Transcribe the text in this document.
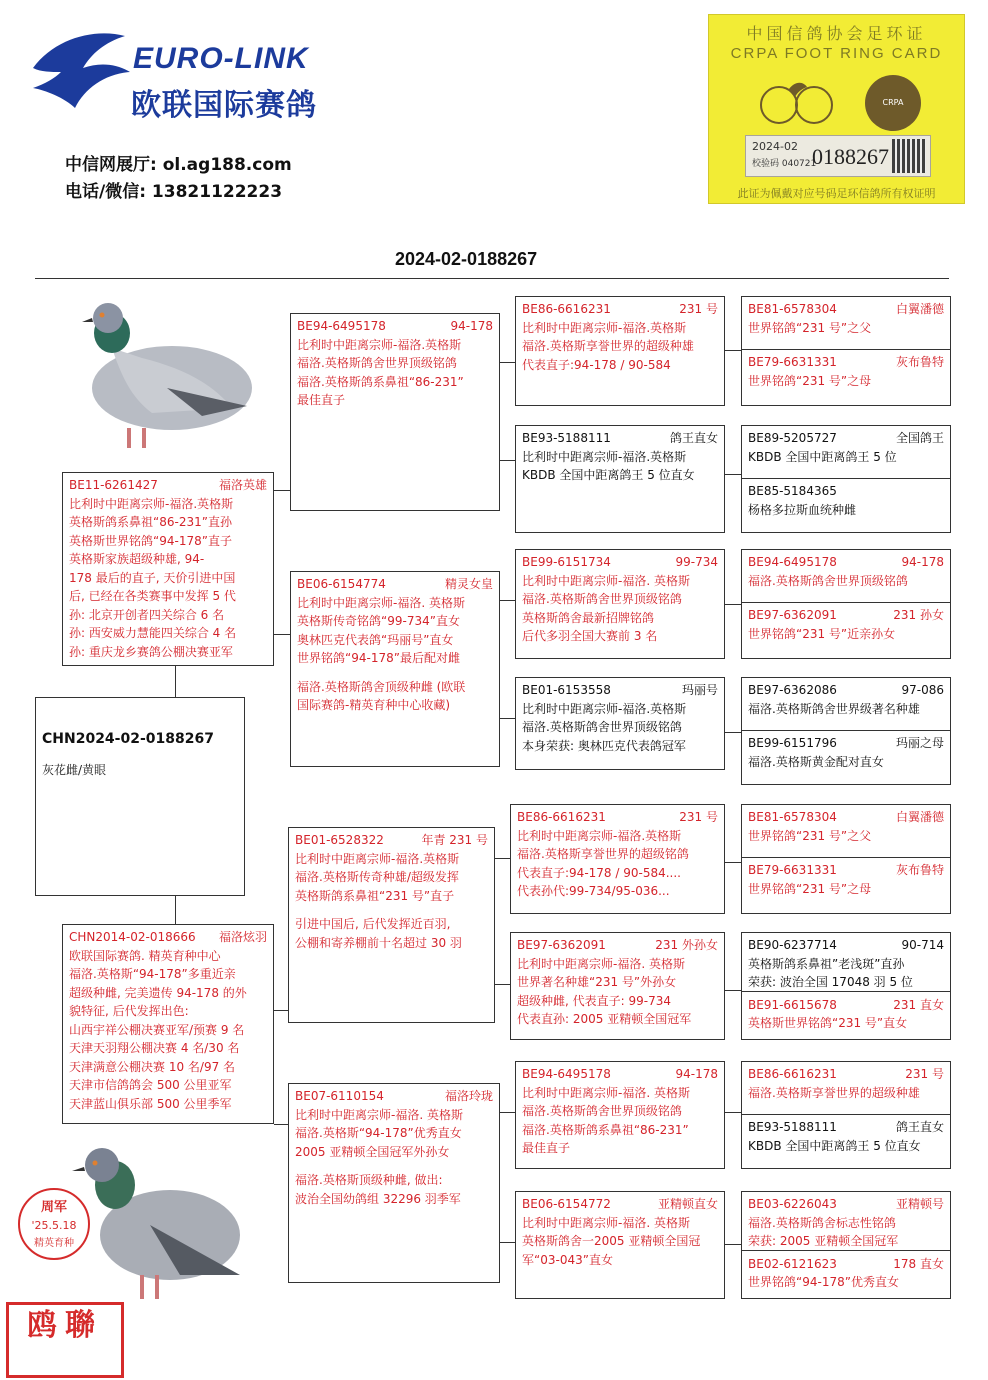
EURO-LINK
欧联国际赛鸽
中信网展厅: ol.ag188.com
电话/微信: 13821122223
中国信鸽协会足环证
CRPA FOOT RING CARD
CRPA
2024-02
校验码 040721
0188267
此证为佩戴对应号码足环信鸽所有权证明
2024-02-0188267
周军
'25.5.18
精英育种
鸥聯
CHN2024-02-0188267
灰花雌/黄眼
BE11-6261427	福洛英雄
比利时中距离宗师-福洛.英格斯
英格斯鸽系鼻祖“86-231”直孙
英格斯世界铭鸽“94-178”直子
英格斯家族超级种雄, 94-
178 最后的直子, 天价引进中国
后, 已经在各类赛事中发挥 5 代
孙: 北京开创者四关综合 6 名
孙: 西安威力慧能四关综合 4 名
孙: 重庆龙乡赛鸽公棚决赛亚军
CHN2014-02-018666 福洛炫羽
欧联国际赛鸽. 精英育种中心
福洛.英格斯“94-178”多重近亲
超级种雌, 完美遗传 94-178 的外
貌特征, 后代发挥出色:
山西宇祥公棚决赛亚军/预赛 9 名
天津天羽翔公棚决赛 4 名/30 名
天津满意公棚决赛 10 名/97 名
天津市信鸽鸽会 500 公里亚军
天津蓝山俱乐部 500 公里季军
BE94-6495178	94-178
比利时中距离宗师-福洛.英格斯
福洛.英格斯鸽舍世界顶级铭鸽
福洛.英格斯鸽系鼻祖“86-231”
最佳直子
BE06-6154774	精灵女皇
比利时中距离宗师-福洛. 英格斯
英格斯传奇铭鸽“99-734”直女
奥林匹克代表鸽“玛丽号”直女
世界铭鸽“94-178”最后配对雌
福洛.英格斯鸽舍顶级种雌 (欧联
国际赛鸽-精英育种中心收藏)
BE01-6528322	年青 231 号
比利时中距离宗师-福洛.英格斯
福洛.英格斯传奇种雄/超级发挥
英格斯鸽系鼻祖“231 号”直子
引进中国后, 后代发挥近百羽,
公棚和寄养棚前十名超过 30 羽
BE07-6110154	福洛玲珑
比利时中距离宗师-福洛. 英格斯
福洛.英格斯“94-178”优秀直女
2005 亚精顿全国冠军外孙女
福洛.英格斯顶级种雌, 做出:
波治全国幼鸽组 32296 羽季军
BE86-6616231	231 号
比利时中距离宗师-福洛.英格斯
福洛.英格斯享誉世界的超级种雄
代表直子:94-178 / 90-584
BE93-5188111	鸽王直女
比利时中距离宗师-福洛.英格斯
KBDB 全国中距离鸽王 5 位直女
BE99-6151734	99-734
比利时中距离宗师-福洛. 英格斯
福洛.英格斯鸽舍世界顶级铭鸽
英格斯鸽舍最新招牌铭鸽
后代多羽全国大赛前 3 名
BE01-6153558	玛丽号
比利时中距离宗师-福洛.英格斯
福洛.英格斯鸽舍世界顶级铭鸽
本身荣获: 奥林匹克代表鸽冠军
BE86-6616231	231 号
比利时中距离宗师-福洛.英格斯
福洛.英格斯享誉世界的超级铭鸽
代表直子:94-178 / 90-584....
代表孙代:99-734/95-036...
BE97-6362091	231 外孙女
比利时中距离宗师-福洛. 英格斯
世界著名种雄“231 号”外孙女
超级种雌, 代表直子: 99-734
代表直孙: 2005 亚精顿全国冠军
BE94-6495178	94-178
比利时中距离宗师-福洛. 英格斯
福洛.英格斯鸽舍世界顶级铭鸽
福洛.英格斯鸽系鼻祖“86-231”
最佳直子
BE06-6154772	亚精顿直女
比利时中距离宗师-福洛. 英格斯
英格斯鸽舍一2005 亚精顿全国冠
军“03-043”直女
BE81-6578304	白翼潘德
世界铭鸽“231 号”之父
BE79-6631331	灰布鲁特
世界铭鸽“231 号”之母
BE89-5205727	全国鸽王
KBDB 全国中距离鸽王 5 位
BE85-5184365
杨格多拉斯血统种雌
BE94-6495178	94-178
福洛.英格斯鸽舍世界顶级铭鸽
BE97-6362091	231 孙女
世界铭鸽“231 号”近亲孙女
BE97-6362086	97-086
福洛.英格斯鸽舍世界级著名种雄
BE99-6151796	玛丽之母
福洛.英格斯黄金配对直女
BE81-6578304	白翼潘德
世界铭鸽“231 号”之父
BE79-6631331	灰布鲁特
世界铭鸽“231 号”之母
BE90-6237714	90-714
英格斯鸽系鼻祖”老浅斑”直孙
荣获: 波治全国 17048 羽 5 位
BE91-6615678	231 直女
英格斯世界铭鸽“231 号”直女
BE86-6616231	231 号
福洛.英格斯享誉世界的超级种雄
BE93-5188111	鸽王直女
KBDB 全国中距离鸽王 5 位直女
BE03-6226043	亚精顿号
福洛.英格斯鸽舍标志性铭鸽
荣获: 2005 亚精顿全国冠军
BE02-6121623	178 直女
世界铭鸽“94-178”优秀直女
